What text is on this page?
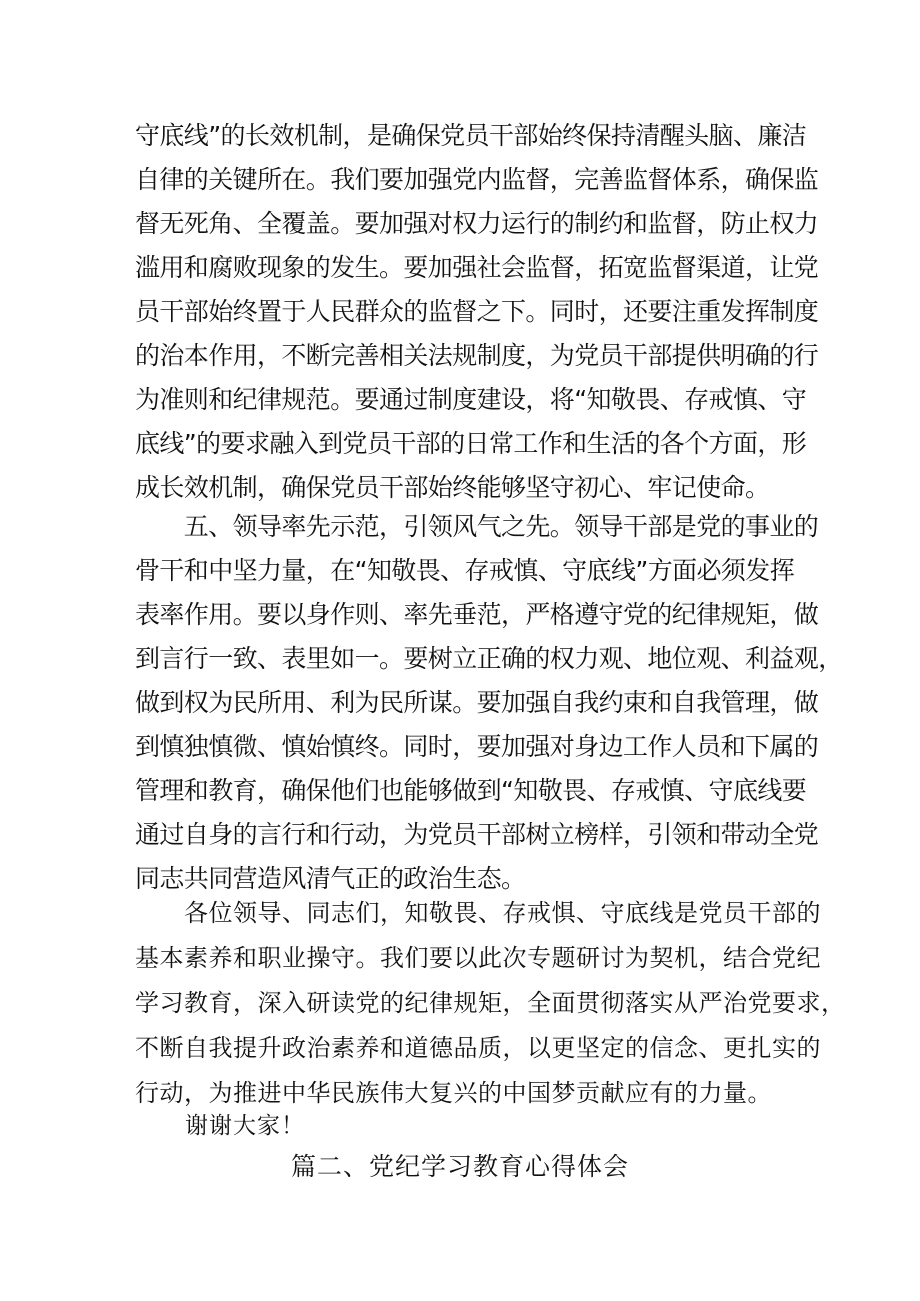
守底线”的长效机制，是确保党员干部始终保持清醒头脑、廉洁
自律的关键所在。我们要加强党内监督，完善监督体系，确保监
督无死角、全覆盖。要加强对权力运行的制约和监督，防止权力
滥用和腐败现象的发生。要加强社会监督，拓宽监督渠道，让党
员干部始终置于人民群众的监督之下。同时，还要注重发挥制度
的治本作用，不断完善相关法规制度，为党员干部提供明确的行
为准则和纪律规范。要通过制度建设，将“知敬畏、存戒慎、守
底线”的要求融入到党员干部的日常工作和生活的各个方面，形
成长效机制，确保党员干部始终能够坚守初心、牢记使命。
　　五、领导率先示范，引领风气之先。领导干部是党的事业的
骨干和中坚力量，在“知敬畏、存戒慎、守底线”方面必须发挥
表率作用。要以身作则、率先垂范，严格遵守党的纪律规矩，做
到言行一致、表里如一。要树立正确的权力观、地位观、利益观，
做到权为民所用、利为民所谋。要加强自我约束和自我管理，做
到慎独慎微、慎始慎终。同时，要加强对身边工作人员和下属的
管理和教育，确保他们也能够做到“知敬畏、存戒慎、守底线要
通过自身的言行和行动，为党员干部树立榜样，引领和带动全党
同志共同营造风清气正的政治生态。
　　各位领导、同志们，知敬畏、存戒惧、守底线是党员干部的
基本素养和职业操守。我们要以此次专题研讨为契机，结合党纪
学习教育，深入研读党的纪律规矩，全面贯彻落实从严治党要求，
不断自我提升政治素养和道德品质，以更坚定的信念、更扎实的
行动，为推进中华民族伟大复兴的中国梦贡献应有的力量。

谢谢大家！

篇二、党纪学习教育心得体会
